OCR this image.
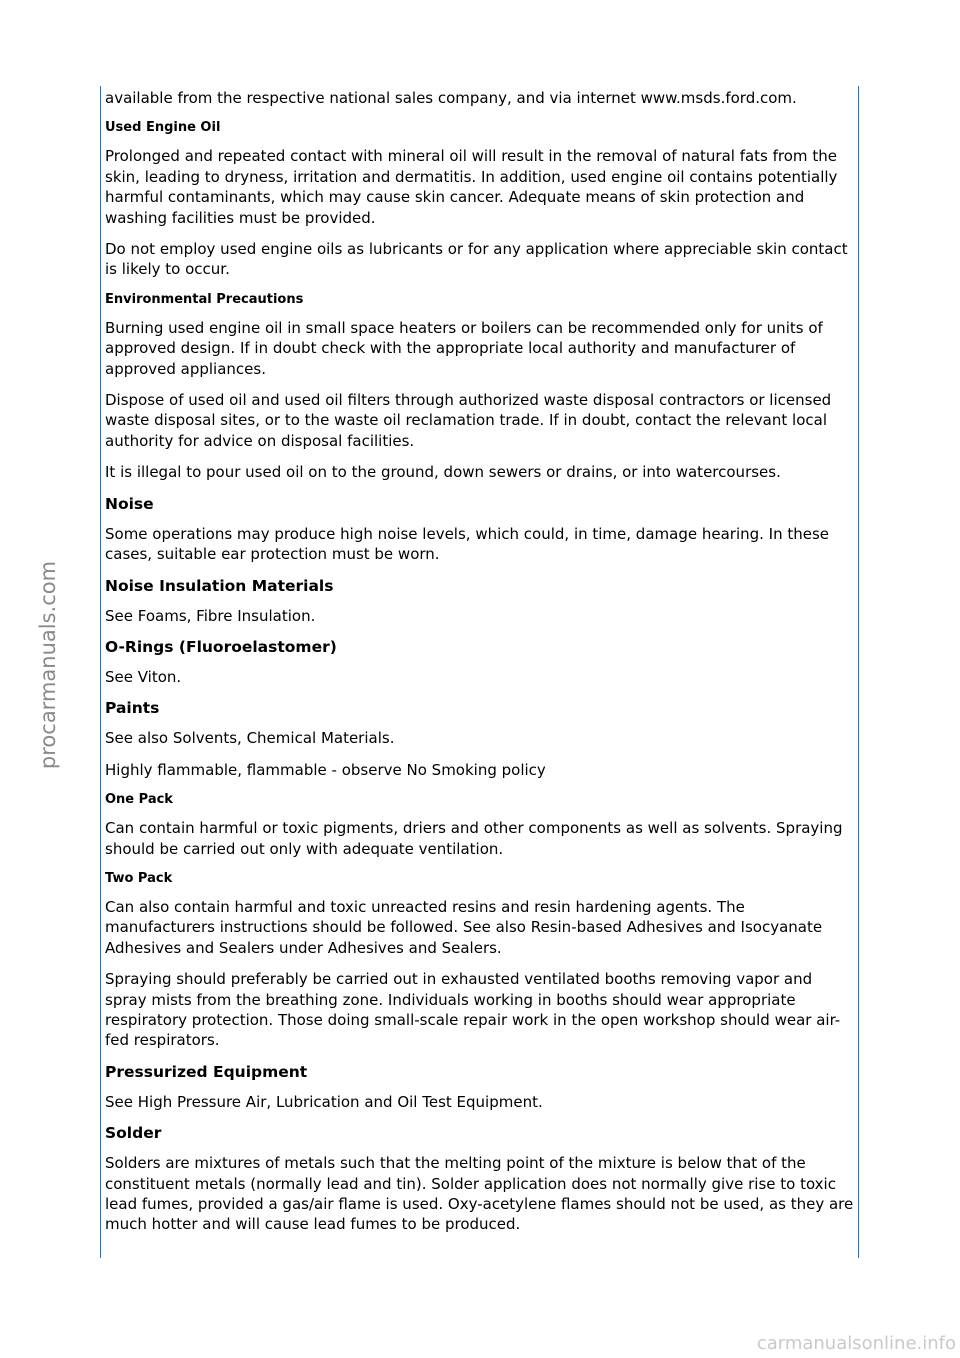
procarmanuals.com
available from the respective national sales company, and via internet www.msds.ford.com.
Used Engine Oil
Prolonged and repeated contact with mineral oil will result in the removal of natural fats from the skin, leading to dryness, irritation and dermatitis. In addition, used engine oil contains potentially harmful contaminants, which may cause skin cancer. Adequate means of skin protection and washing facilities must be provided.
Do not employ used engine oils as lubricants or for any application where appreciable skin contact is likely to occur.
Environmental Precautions
Burning used engine oil in small space heaters or boilers can be recommended only for units of approved design. If in doubt check with the appropriate local authority and manufacturer of approved appliances.
Dispose of used oil and used oil filters through authorized waste disposal contractors or licensed waste disposal sites, or to the waste oil reclamation trade. If in doubt, contact the relevant local authority for advice on disposal facilities.
It is illegal to pour used oil on to the ground, down sewers or drains, or into watercourses.
Noise
Some operations may produce high noise levels, which could, in time, damage hearing. In these cases, suitable ear protection must be worn.
Noise Insulation Materials
See Foams, Fibre Insulation.
O-Rings (Fluoroelastomer)
See Viton.
Paints
See also Solvents, Chemical Materials.
Highly flammable, flammable - observe No Smoking policy
One Pack
Can contain harmful or toxic pigments, driers and other components as well as solvents. Spraying should be carried out only with adequate ventilation.
Two Pack
Can also contain harmful and toxic unreacted resins and resin hardening agents. The manufacturers instructions should be followed. See also Resin-based Adhesives and Isocyanate Adhesives and Sealers under Adhesives and Sealers.
Spraying should preferably be carried out in exhausted ventilated booths removing vapor and spray mists from the breathing zone. Individuals working in booths should wear appropriate respiratory protection. Those doing small-scale repair work in the open workshop should wear air-fed respirators.
Pressurized Equipment
See High Pressure Air, Lubrication and Oil Test Equipment.
Solder
Solders are mixtures of metals such that the melting point of the mixture is below that of the constituent metals (normally lead and tin). Solder application does not normally give rise to toxic lead fumes, provided a gas/air flame is used. Oxy-acetylene flames should not be used, as they are much hotter and will cause lead fumes to be produced.
carmanualsonline.info
